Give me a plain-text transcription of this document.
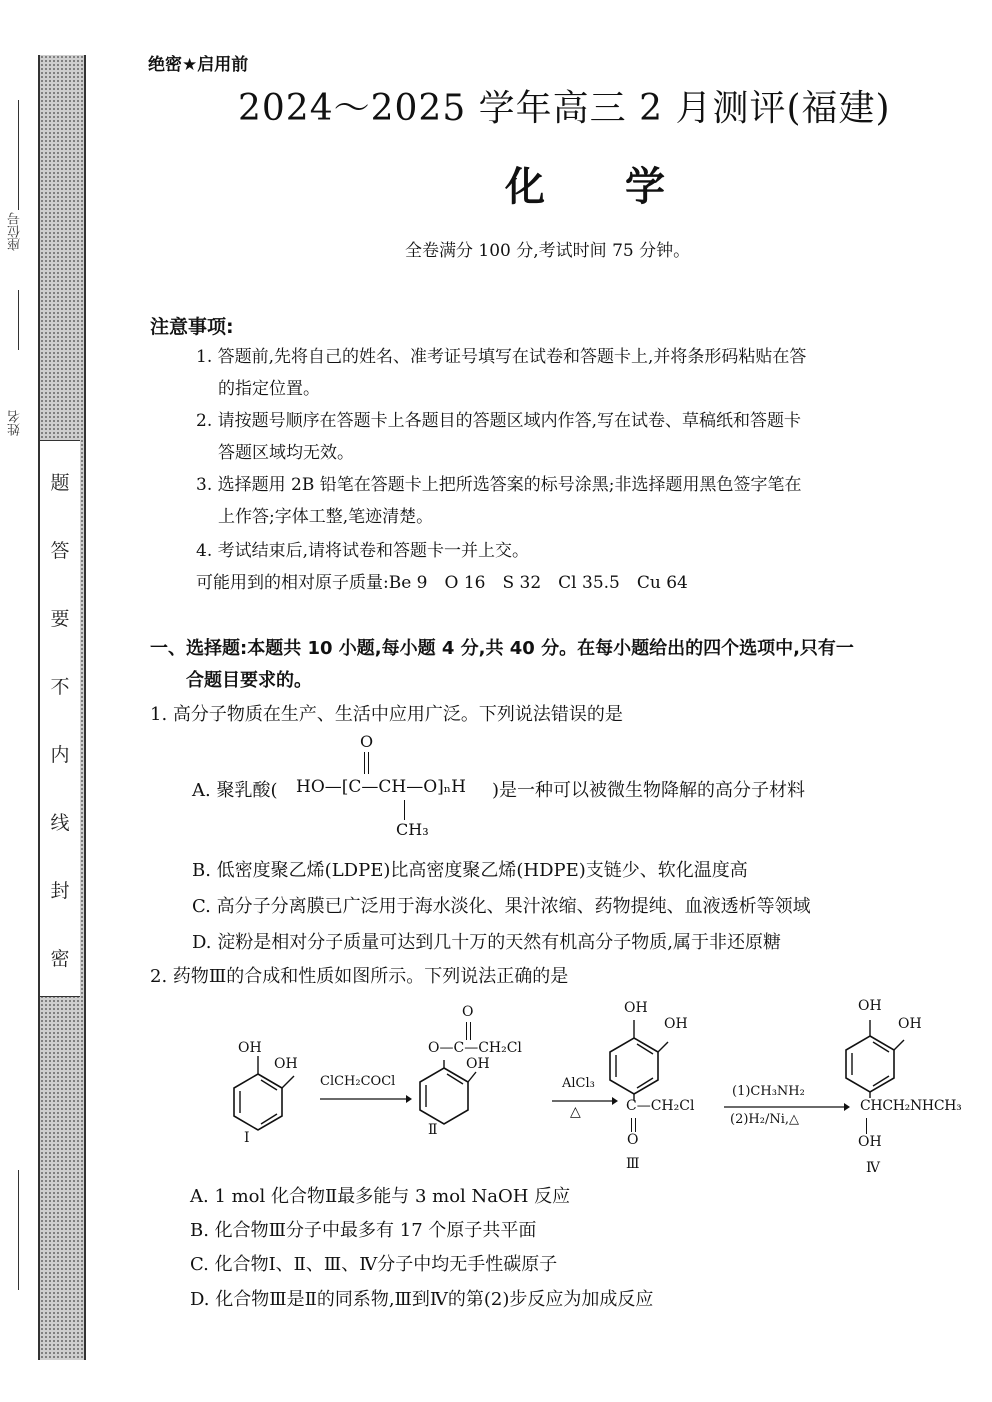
题
答
要
不
内
线
封
密
座位号
姓名
绝密★启用前
2024～2025 学年高三 2 月测评(福建)
化学
全卷满分 100 分,考试时间 75 分钟。
注意事项:
1. 答题前,先将自己的姓名、准考证号填写在试卷和答题卡上,并将条形码粘贴在答
的指定位置。
2. 请按题号顺序在答题卡上各题目的答题区域内作答,写在试卷、草稿纸和答题卡
答题区域均无效。
3. 选择题用 2B 铅笔在答题卡上把所选答案的标号涂黑;非选择题用黑色签字笔在
上作答;字体工整,笔迹清楚。
4. 考试结束后,请将试卷和答题卡一并上交。
可能用到的相对原子质量:Be 9　O 16　S 32　Cl 35.5　Cu 64
一、选择题:本题共 10 小题,每小题 4 分,共 40 分。在每小题给出的四个选项中,只有一
合题目要求的。
1. 高分子物质在生产、生活中应用广泛。下列说法错误的是
A. 聚乳酸( HO—[C—CH—O]ₙH
O
CH₃
)是一种可以被微生物降解的高分子材料
B. 低密度聚乙烯(LDPE)比高密度聚乙烯(HDPE)支链少、软化温度高
C. 高分子分离膜已广泛用于海水淡化、果汁浓缩、药物提纯、血液透析等领域
D. 淀粉是相对分子质量可达到几十万的天然有机高分子物质,属于非还原糖
2. 药物Ⅲ的合成和性质如图所示。下列说法正确的是
OH
OH
Ⅰ
ClCH₂COCl
O
O—C—CH₂Cl
OH
Ⅱ
AlCl₃
△
OH
OH
C—CH₂Cl
O
Ⅲ
(1)CH₃NH₂
(2)H₂/Ni,△
OH
OH
CHCH₂NHCH₃
OH
Ⅳ
A. 1 mol 化合物Ⅱ最多能与 3 mol NaOH 反应
B. 化合物Ⅲ分子中最多有 17 个原子共平面
C. 化合物Ⅰ、Ⅱ、Ⅲ、Ⅳ分子中均无手性碳原子
D. 化合物Ⅲ是Ⅱ的同系物,Ⅲ到Ⅳ的第(2)步反应为加成反应
